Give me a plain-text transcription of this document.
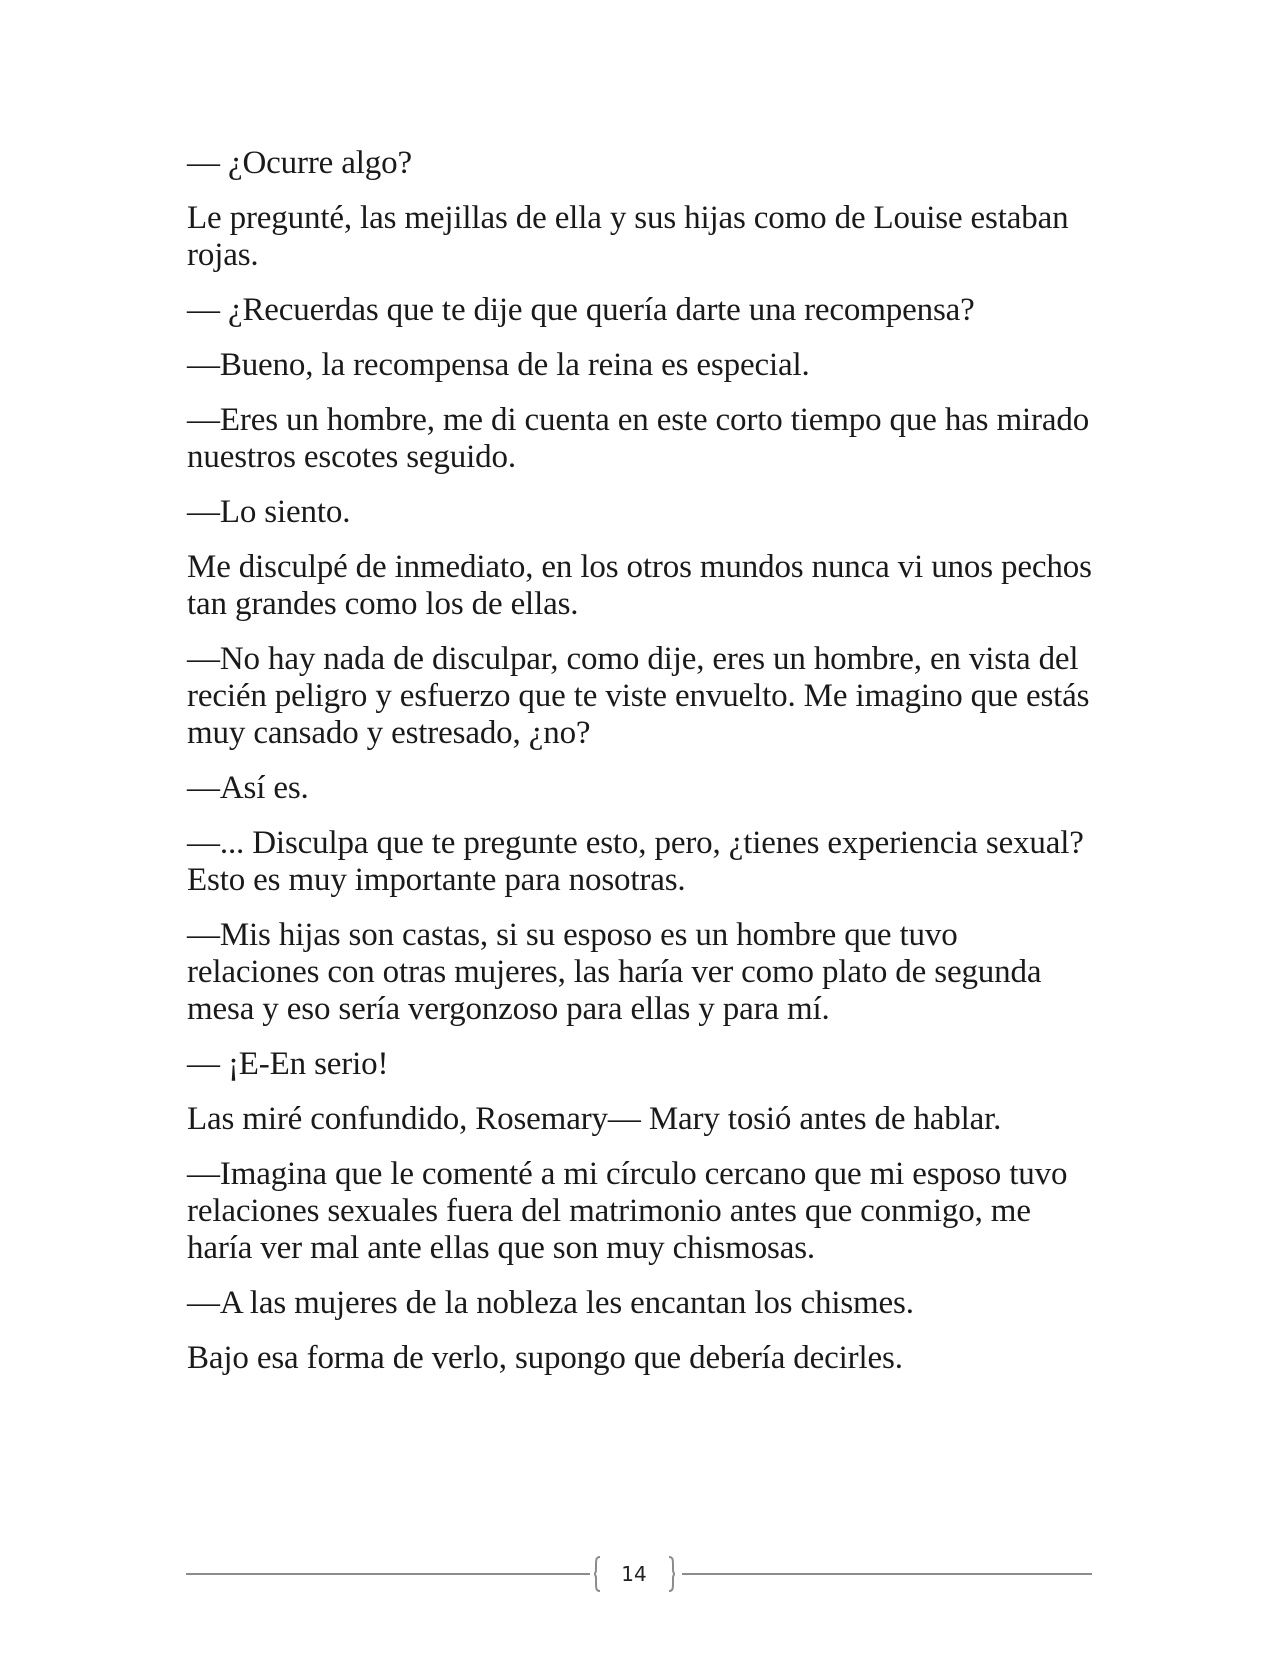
— ¿Ocurre algo?

Le pregunté, las mejillas de ella y sus hijas como de Louise estaban rojas.

— ¿Recuerdas que te dije que quería darte una recompensa?

—Bueno, la recompensa de la reina es especial.

—Eres un hombre, me di cuenta en este corto tiempo que has mirado nuestros escotes seguido.

—Lo siento.

Me disculpé de inmediato, en los otros mundos nunca vi unos pechos tan grandes como los de ellas.

—No hay nada de disculpar, como dije, eres un hombre, en vista del recién peligro y esfuerzo que te viste envuelto. Me imagino que estás muy cansado y estresado, ¿no?

—Así es.

—... Disculpa que te pregunte esto, pero, ¿tienes experiencia sexual? Esto es muy importante para nosotras.

—Mis hijas son castas, si su esposo es un hombre que tuvo relaciones con otras mujeres, las haría ver como plato de segunda mesa y eso sería vergonzoso para ellas y para mí.

— ¡E-En serio!

Las miré confundido, Rosemary— Mary tosió antes de hablar.

—Imagina que le comenté a mi círculo cercano que mi esposo tuvo relaciones sexuales fuera del matrimonio antes que conmigo, me haría ver mal ante ellas que son muy chismosas.

—A las mujeres de la nobleza les encantan los chismes.

Bajo esa forma de verlo, supongo que debería decirles.

14
